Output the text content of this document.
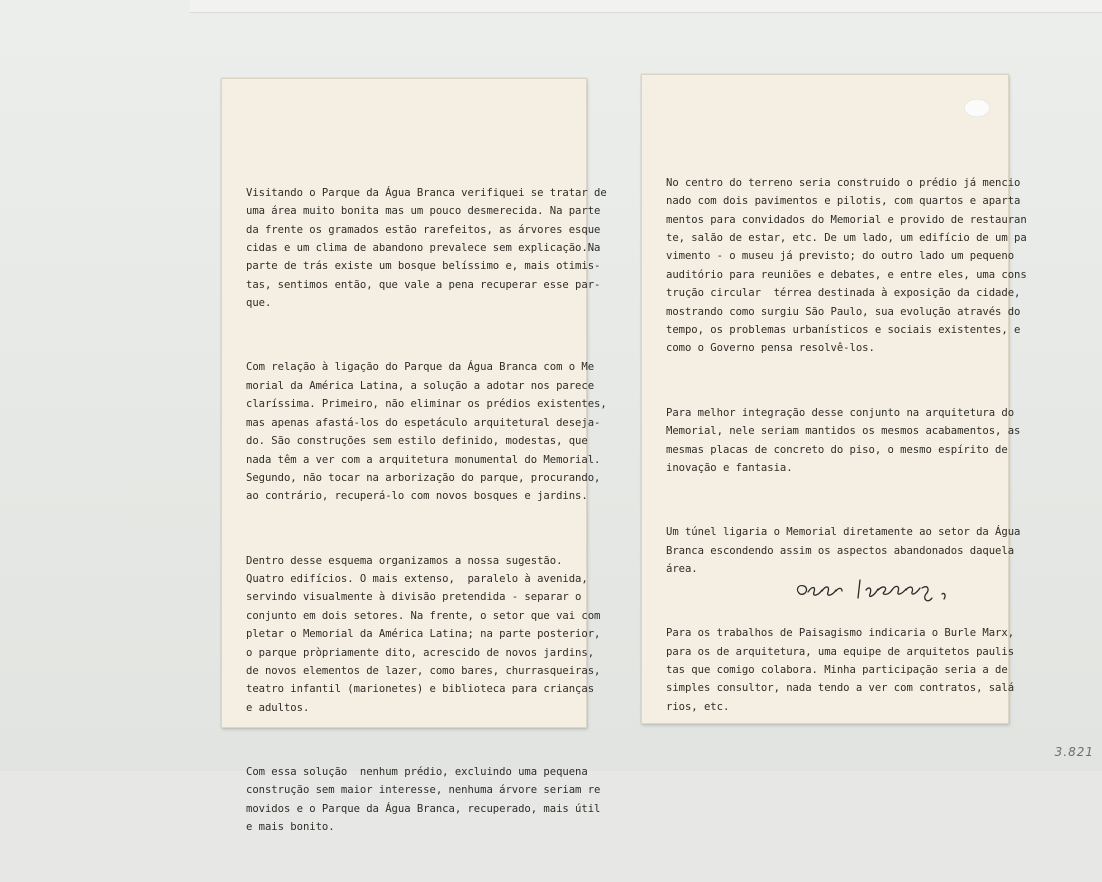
Visitando o Parque da Água Branca verifiquei se tratar de
uma área muito bonita mas um pouco desmerecida. Na parte
da frente os gramados estão rarefeitos, as árvores esque
cidas e um clima de abandono prevalece sem explicação.Na
parte de trás existe um bosque belíssimo e, mais otimis-
tas, sentimos então, que vale a pena recuperar esse par-
que.

Com relação à ligação do Parque da Água Branca com o Me
morial da América Latina, a solução a adotar nos parece
claríssima. Primeiro, não eliminar os prédios existentes,
mas apenas afastá-los do espetáculo arquitetural deseja-
do. São construções sem estilo definido, modestas, que
nada têm a ver com a arquitetura monumental do Memorial.
Segundo, não tocar na arborização do parque, procurando,
ao contrário, recuperá-lo com novos bosques e jardins.

Dentro desse esquema organizamos a nossa sugestão.
Quatro edifícios. O mais extenso,  paralelo à avenida,
servindo visualmente à divisão pretendida - separar o
conjunto em dois setores. Na frente, o setor que vai com
pletar o Memorial da América Latina; na parte posterior,
o parque pròpriamente dito, acrescido de novos jardins,
de novos elementos de lazer, como bares, churrasqueiras,
teatro infantil (marionetes) e biblioteca para crianças
e adultos.

Com essa solução  nenhum prédio, excluindo uma pequena
construção sem maior interesse, nenhuma árvore seriam re
movidos e o Parque da Água Branca, recuperado, mais útil
e mais bonito.

No centro do terreno seria construido o prédio já mencio
nado com dois pavimentos e pilotis, com quartos e aparta
mentos para convidados do Memorial e provido de restauran
te, salão de estar, etc. De um lado, um edifício de um pa
vimento - o museu já previsto; do outro lado um pequeno
auditório para reuniões e debates, e entre eles, uma cons
trução circular  térrea destinada à exposição da cidade,
mostrando como surgiu São Paulo, sua evolução através do
tempo, os problemas urbanísticos e sociais existentes, e
como o Governo pensa resolvê-los.

Para melhor integração desse conjunto na arquitetura do
Memorial, nele seriam mantidos os mesmos acabamentos, as
mesmas placas de concreto do piso, o mesmo espírito de
inovação e fantasia.

Um túnel ligaria o Memorial diretamente ao setor da Água
Branca escondendo assim os aspectos abandonados daquela
área.

Para os trabalhos de Paisagismo indicaria o Burle Marx,
para os de arquitetura, uma equipe de arquitetos paulis
tas que comigo colabora. Minha participação seria a de
simples consultor, nada tendo a ver com contratos, salá
rios, etc.

3.821
